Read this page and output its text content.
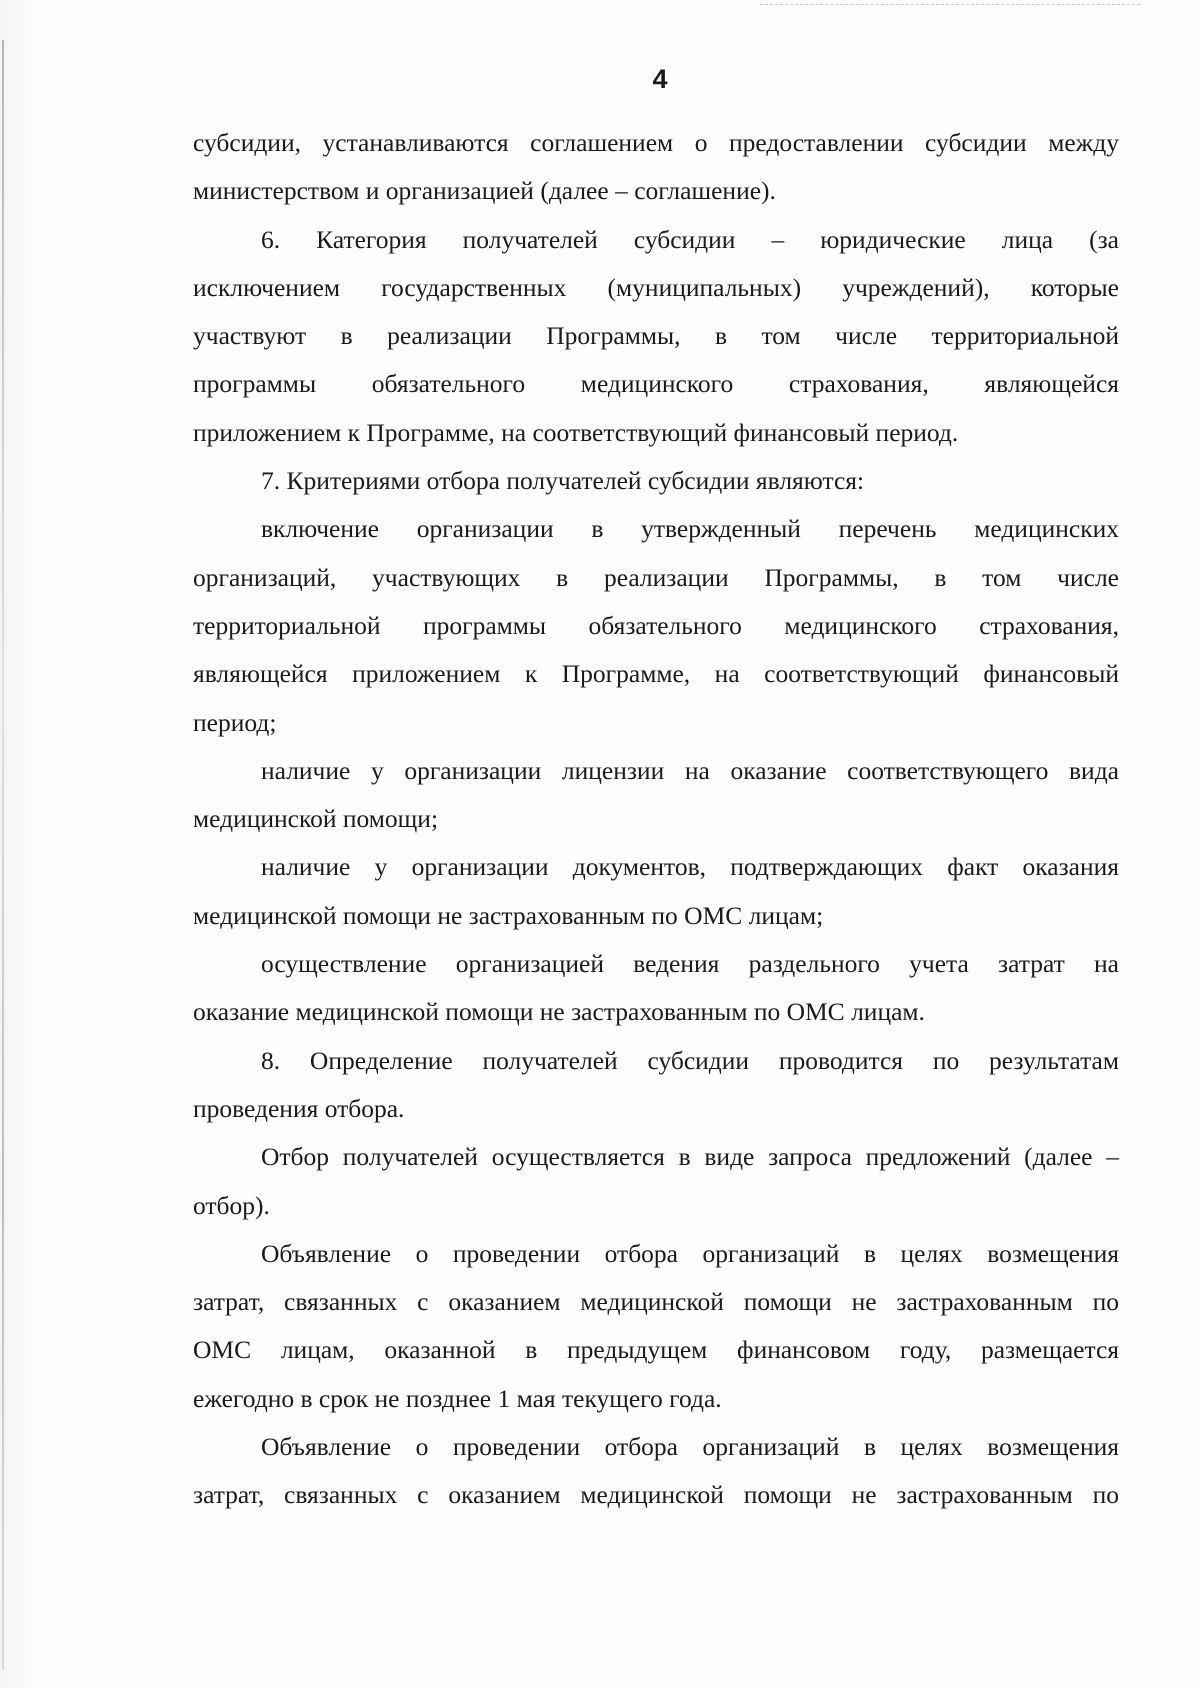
4
субсидии, устанавливаются соглашением о предоставлении субсидии между
министерством и организацией (далее – соглашение).
6. Категория получателей субсидии – юридические лица (за
исключением государственных (муниципальных) учреждений), которые
участвуют в реализации Программы, в том числе территориальной
программы обязательного медицинского страхования, являющейся
приложением к Программе, на соответствующий финансовый период.
7. Критериями отбора получателей субсидии являются:
включение организации в утвержденный перечень медицинских
организаций, участвующих в реализации Программы, в том числе
территориальной программы обязательного медицинского страхования,
являющейся приложением к Программе, на соответствующий финансовый
период;
наличие у организации лицензии на оказание соответствующего вида
медицинской помощи;
наличие у организации документов, подтверждающих факт оказания
медицинской помощи не застрахованным по ОМС лицам;
осуществление организацией ведения раздельного учета затрат на
оказание медицинской помощи не застрахованным по ОМС лицам.
8. Определение получателей субсидии проводится по результатам
проведения отбора.
Отбор получателей осуществляется в виде запроса предложений (далее –
отбор).
Объявление о проведении отбора организаций в целях возмещения
затрат, связанных с оказанием медицинской помощи не застрахованным по
ОМС лицам, оказанной в предыдущем финансовом году, размещается
ежегодно в срок не позднее 1 мая текущего года.
Объявление о проведении отбора организаций в целях возмещения
затрат, связанных с оказанием медицинской помощи не застрахованным по
